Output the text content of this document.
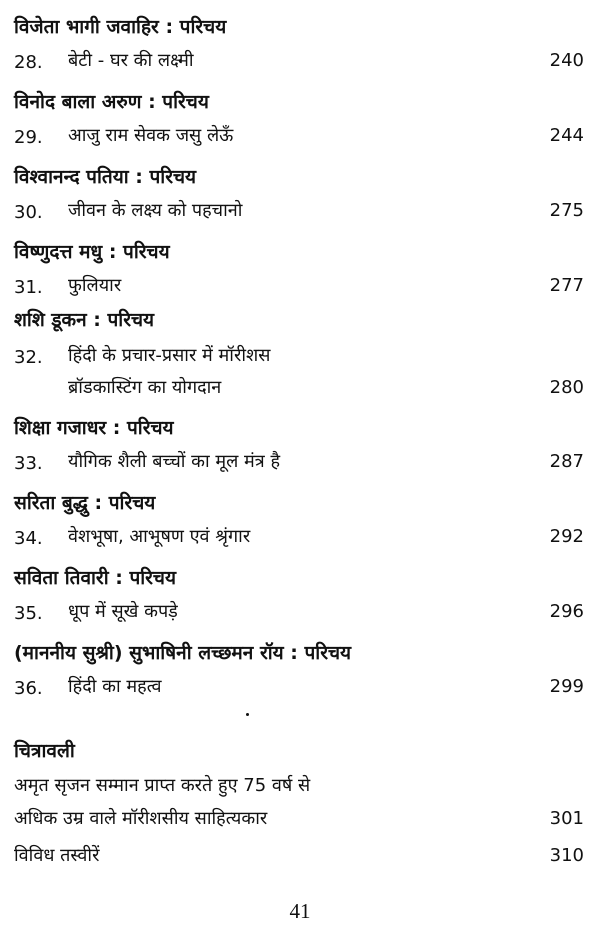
विजेता भागी जवाहिर : परिचय
28. बेटी - घर की लक्ष्मी	240
विनोद बाला अरुण : परिचय
29. आजु राम सेवक जसु लेऊँ	244
विश्वानन्द पतिया : परिचय
30. जीवन के लक्ष्य को पहचानो	275
विष्णुदत्त मधु : परिचय
31. फुलियार	277
शशि डूकन : परिचय
32. हिंदी के प्रचार-प्रसार में मॉरीशस
ब्रॉडकास्टिंग का योगदान	280
शिक्षा गजाधर : परिचय
33. यौगिक शैली बच्चों का मूल मंत्र है	287
सरिता बुद्धु : परिचय
34. वेशभूषा, आभूषण एवं श्रृंगार	292
सविता तिवारी : परिचय
35. धूप में सूखे कपड़े	296
(माननीय सुश्री) सुभाषिनी लच्छमन रॉय : परिचय
36. हिंदी का महत्व	299
चित्रावली
अमृत सृजन सम्मान प्राप्त करते हुए 75 वर्ष से
अधिक उम्र वाले मॉरीशसीय साहित्यकार	301
विविध तस्वीरें	310
41
